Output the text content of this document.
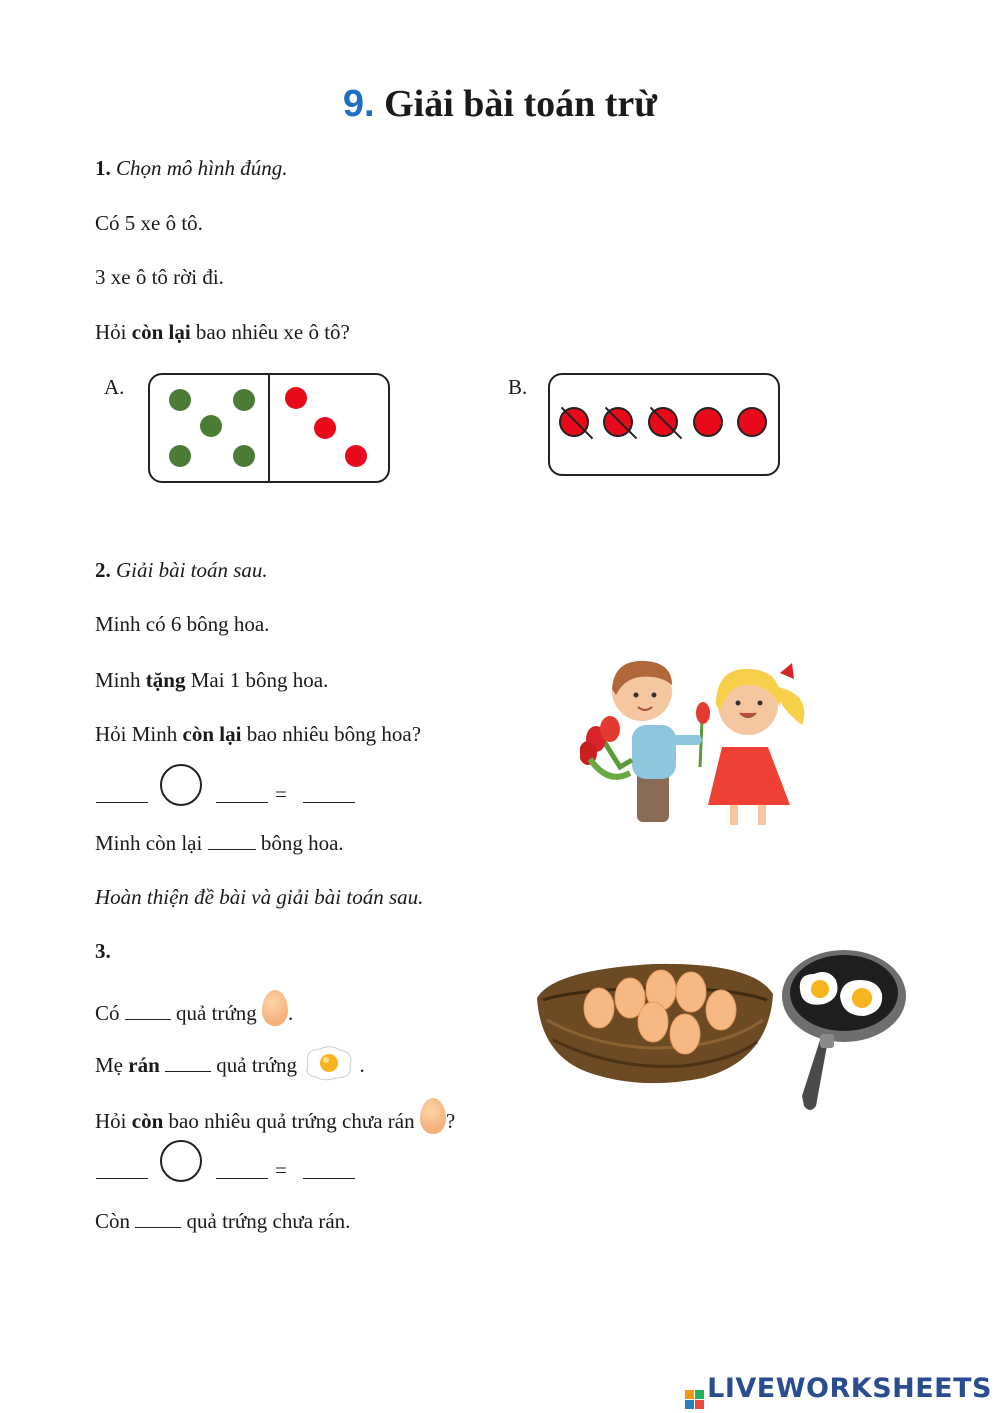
9. Giải bài toán trừ
1. Chọn mô hình đúng.
Có 5 xe ô tô.
3 xe ô tô rời đi.
Hỏi còn lại bao nhiêu xe ô tô?
A.	B.
2. Giải bài toán sau.
Minh có 6 bông hoa.
Minh tặng Mai 1 bông hoa.
Hỏi Minh còn lại bao nhiêu bông hoa?
=
Minh còn lại	bông hoa.
Hoàn thiện đề bài và giải bài toán sau.
3.
Có	quả trứng .
Mẹ rán	quả trứng	.
Hỏi còn bao nhiêu quả trứng chưa rán ?
=
Còn	quả trứng chưa rán.
LIVEWORKSHEETS
